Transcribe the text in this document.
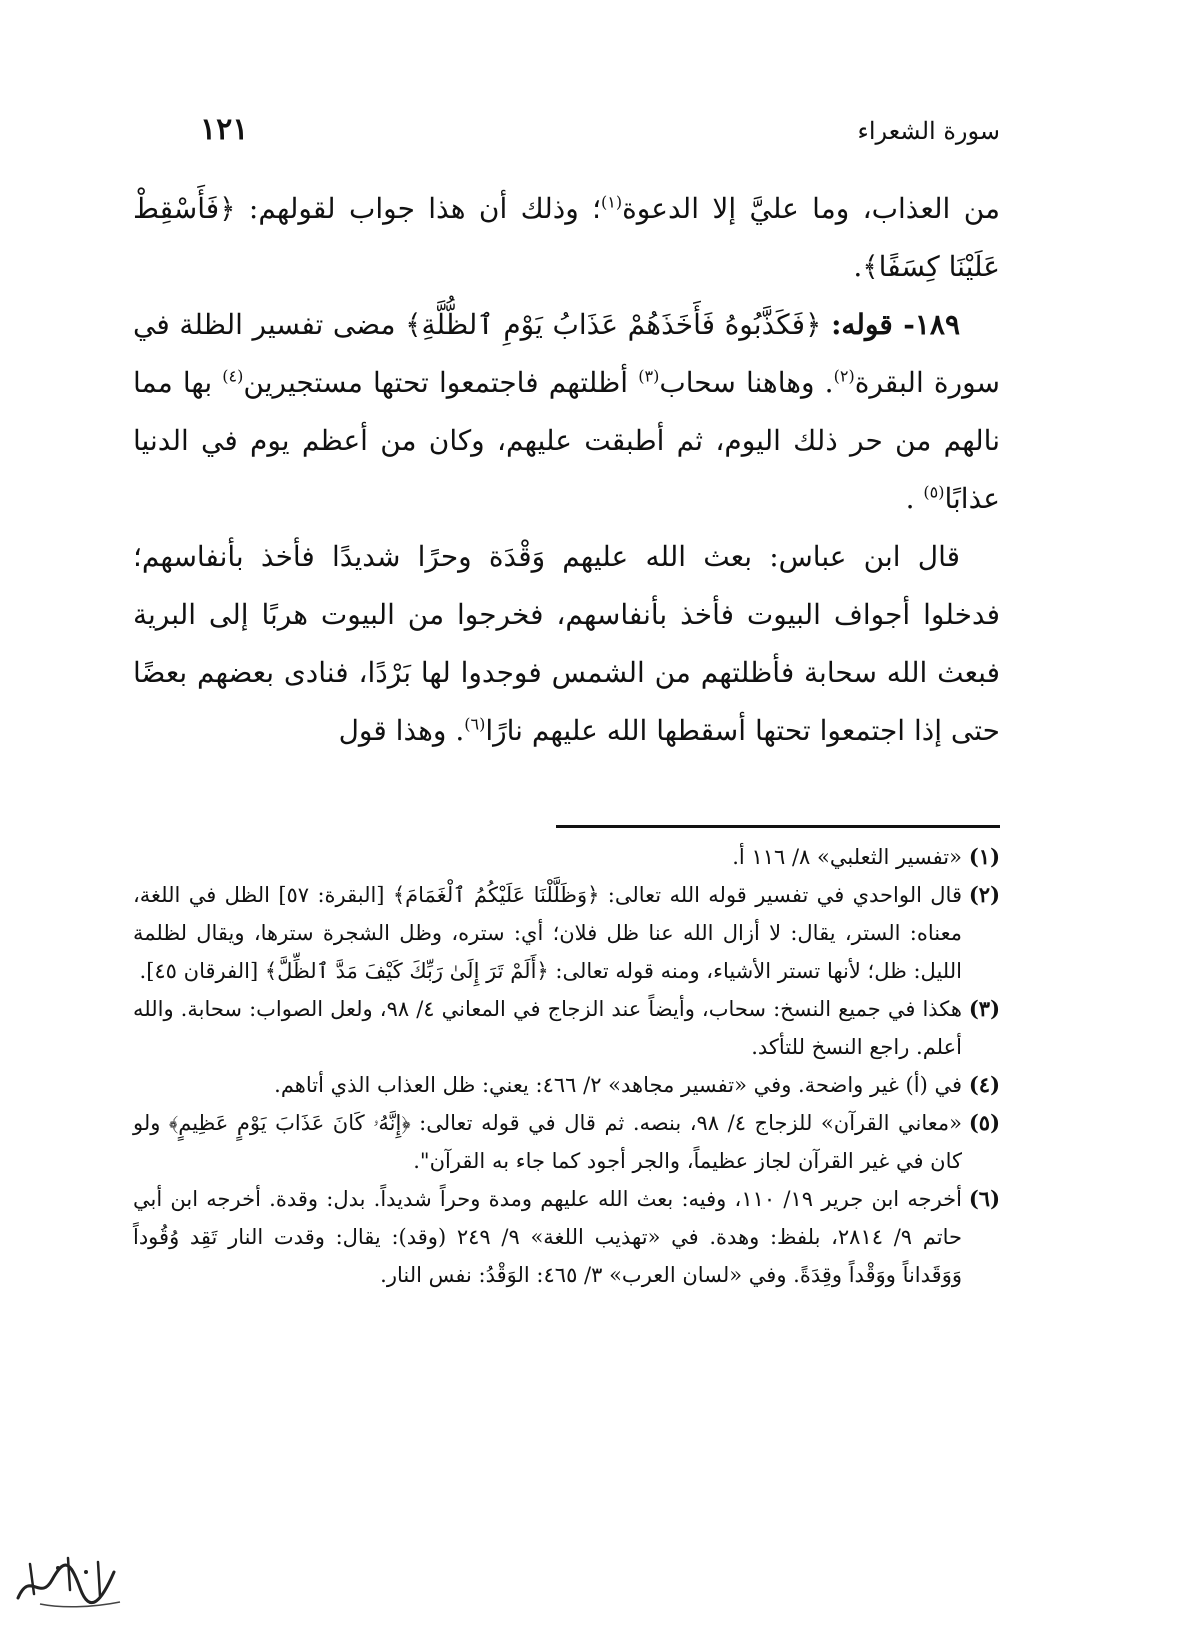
سورة الشعراء
١٢١

من العذاب، وما عليَّ إلا الدعوة$^{(١)}$؛ وذلك أن هذا جواب لقولهم: ﴿فَأَسْقِطْ عَلَيْنَا كِسَفًا﴾.

١٨٩- قوله: ﴿فَكَذَّبُوهُ فَأَخَذَهُمْ عَذَابُ يَوْمِ ٱلظُّلَّةِ﴾ مضى تفسير الظلة في سورة البقرة$^{(٢)}$. وهاهنا سحاب$^{(٣)}$ أظلتهم فاجتمعوا تحتها مستجيرين$^{(٤)}$ بها مما نالهم من حر ذلك اليوم، ثم أطبقت عليهم، وكان من أعظم يوم في الدنيا عذابًا$^{(٥)}$ .

قال ابن عباس: بعث الله عليهم وَقْدَة وحرًا شديدًا فأخذ بأنفاسهم؛ فدخلوا أجواف البيوت فأخذ بأنفاسهم، فخرجوا من البيوت هربًا إلى البرية فبعث الله سحابة فأظلتهم من الشمس فوجدوا لها بَرْدًا، فنادى بعضهم بعضًا حتى إذا اجتمعوا تحتها أسقطها الله عليهم نارًا$^{(٦)}$. وهذا قول

(١)
«تفسير الثعلبي» ٨/ ١١٦ أ.

(٢)
قال الواحدي في تفسير قوله الله تعالى: ﴿وَظَلَّلْنَا عَلَيْكُمُ ٱلْغَمَامَ﴾ [البقرة: ٥٧] الظل في اللغة، معناه: الستر، يقال: لا أزال الله عنا ظل فلان؛ أي: ستره، وظل الشجرة سترها، ويقال لظلمة الليل: ظل؛ لأنها تستر الأشياء، ومنه قوله تعالى: ﴿أَلَمْ تَرَ إِلَىٰ رَبِّكَ كَيْفَ مَدَّ ٱلظِّلَّ﴾ [الفرقان ٤٥].

(٣)
هكذا في جميع النسخ: سحاب، وأيضاً عند الزجاج في المعاني ٤/ ٩٨، ولعل الصواب: سحابة. والله أعلم. راجع النسخ للتأكد.

(٤)
في (أ) غير واضحة. وفي «تفسير مجاهد» ٢/ ٤٦٦: يعني: ظل العذاب الذي أتاهم.

(٥)
«معاني القرآن» للزجاج ٤/ ٩٨، بنصه. ثم قال في قوله تعالى: ﴿إِنَّهُۥ كَانَ عَذَابَ يَوْمٍ عَظِيمٍ﴾ ولو كان في غير القرآن لجاز عظيماً، والجر أجود كما جاء به القرآن".

(٦)
أخرجه ابن جرير ١٩/ ١١٠، وفيه: بعث الله عليهم ومدة وحراً شديداً. بدل: وقدة. أخرجه ابن أبي حاتم ٩/ ٢٨١٤، بلفظ: وهدة. في «تهذيب اللغة» ٩/ ٢٤٩ (وقد): يقال: وقدت النار تَقِد وُقُوداً وَوَقَداناً ووَقْداً وقِدَةً. وفي «لسان العرب» ٣/ ٤٦٥: الوَقْدُ: نفس النار.
